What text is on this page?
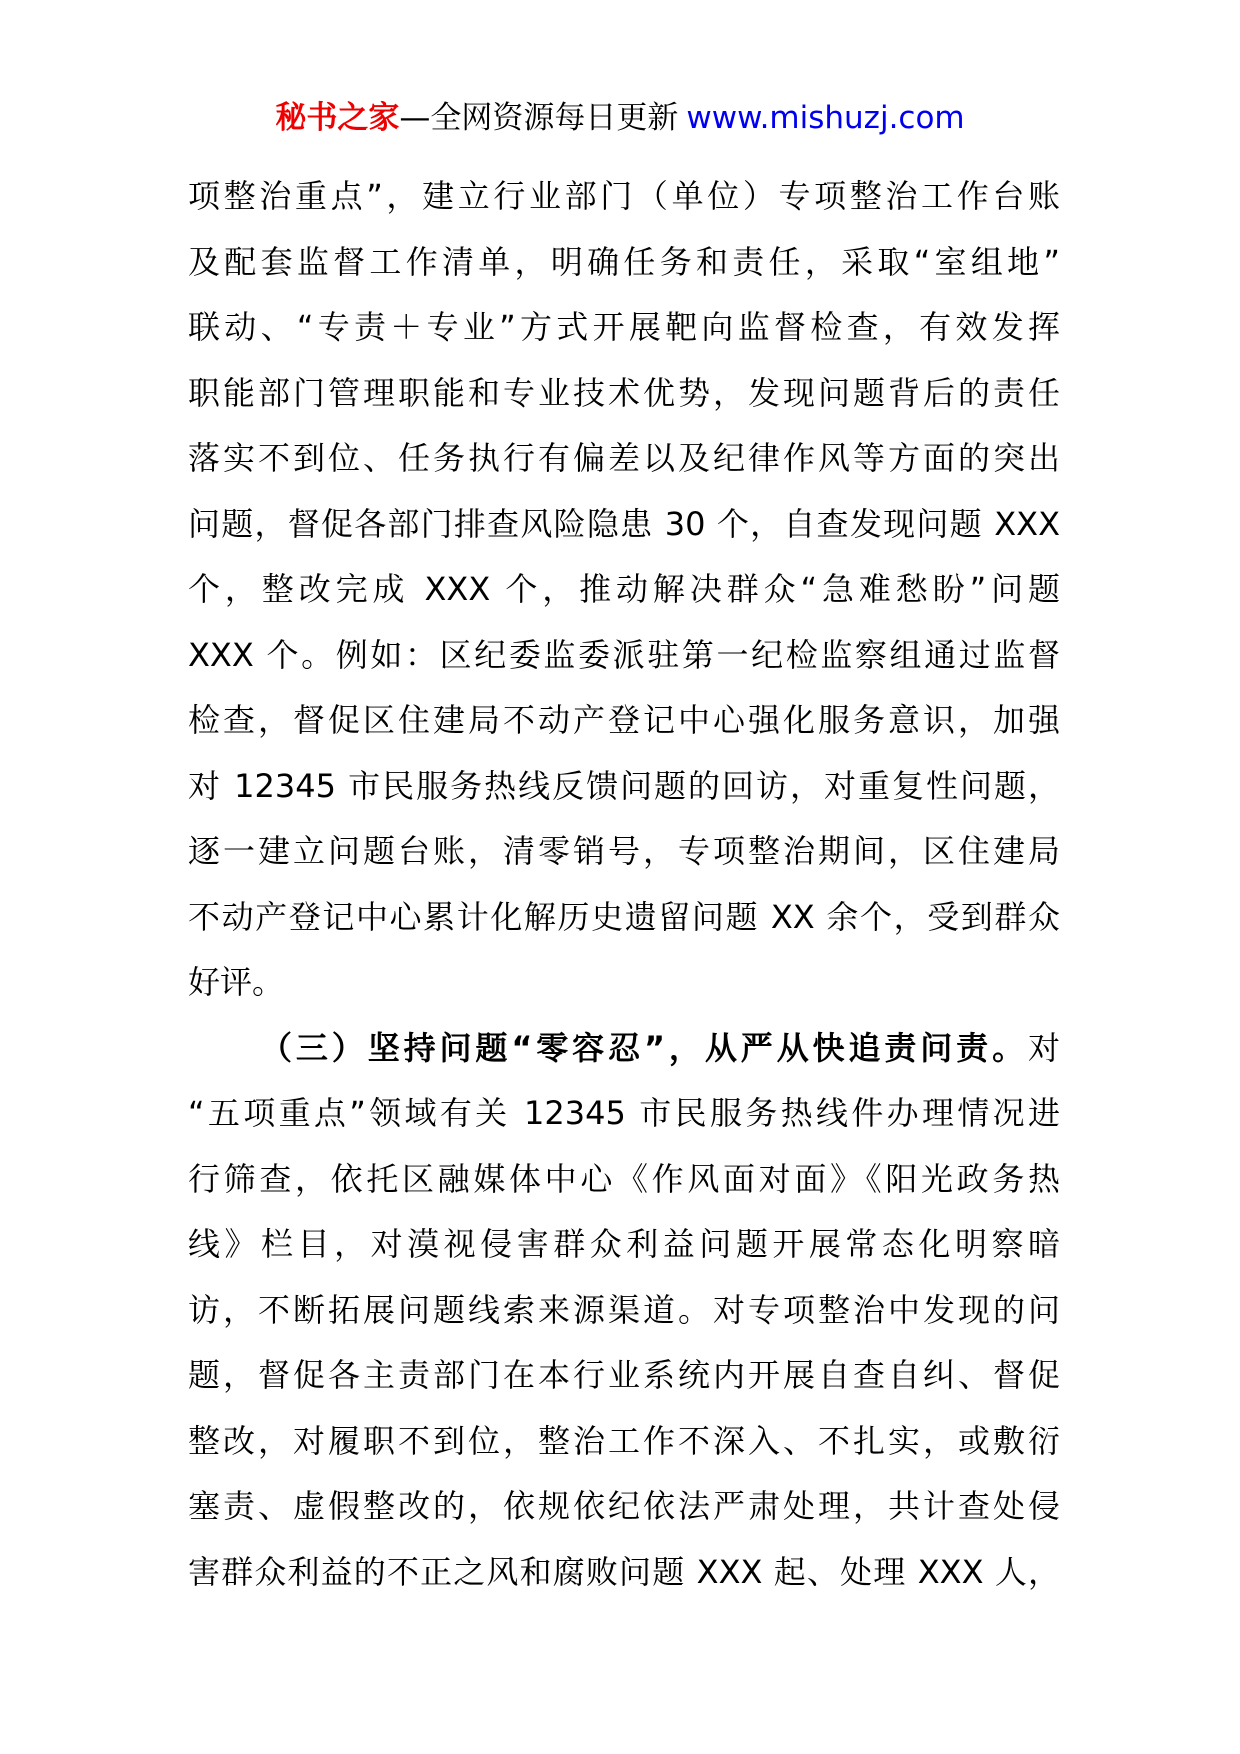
秘书之家—全网资源每日更新 www.mishuzj.com
项整治重点”，建立行业部门（单位）专项整治工作台账
及配套监督工作清单，明确任务和责任，采取“室组地”
联动、“专责＋专业”方式开展靶向监督检查，有效发挥
职能部门管理职能和专业技术优势，发现问题背后的责任
落实不到位、任务执行有偏差以及纪律作风等方面的突出
问题，督促各部门排查风险隐患 30 个，自查发现问题 XXX
个，整改完成 XXX 个，推动解决群众“急难愁盼”问题
XXX 个。例如：区纪委监委派驻第一纪检监察组通过监督
检查，督促区住建局不动产登记中心强化服务意识，加强
对 12345 市民服务热线反馈问题的回访，对重复性问题，
逐一建立问题台账，清零销号，专项整治期间，区住建局
不动产登记中心累计化解历史遗留问题 XX 余个，受到群众
好评。
（三）坚持问题“零容忍”，从严从快追责问责。对
“五项重点”领域有关 12345 市民服务热线件办理情况进
行筛查，依托区融媒体中心《作风面对面》《阳光政务热
线》栏目，对漠视侵害群众利益问题开展常态化明察暗
访，不断拓展问题线索来源渠道。对专项整治中发现的问
题，督促各主责部门在本行业系统内开展自查自纠、督促
整改，对履职不到位，整治工作不深入、不扎实，或敷衍
塞责、虚假整改的，依规依纪依法严肃处理，共计查处侵
害群众利益的不正之风和腐败问题 XXX 起、处理 XXX 人，
